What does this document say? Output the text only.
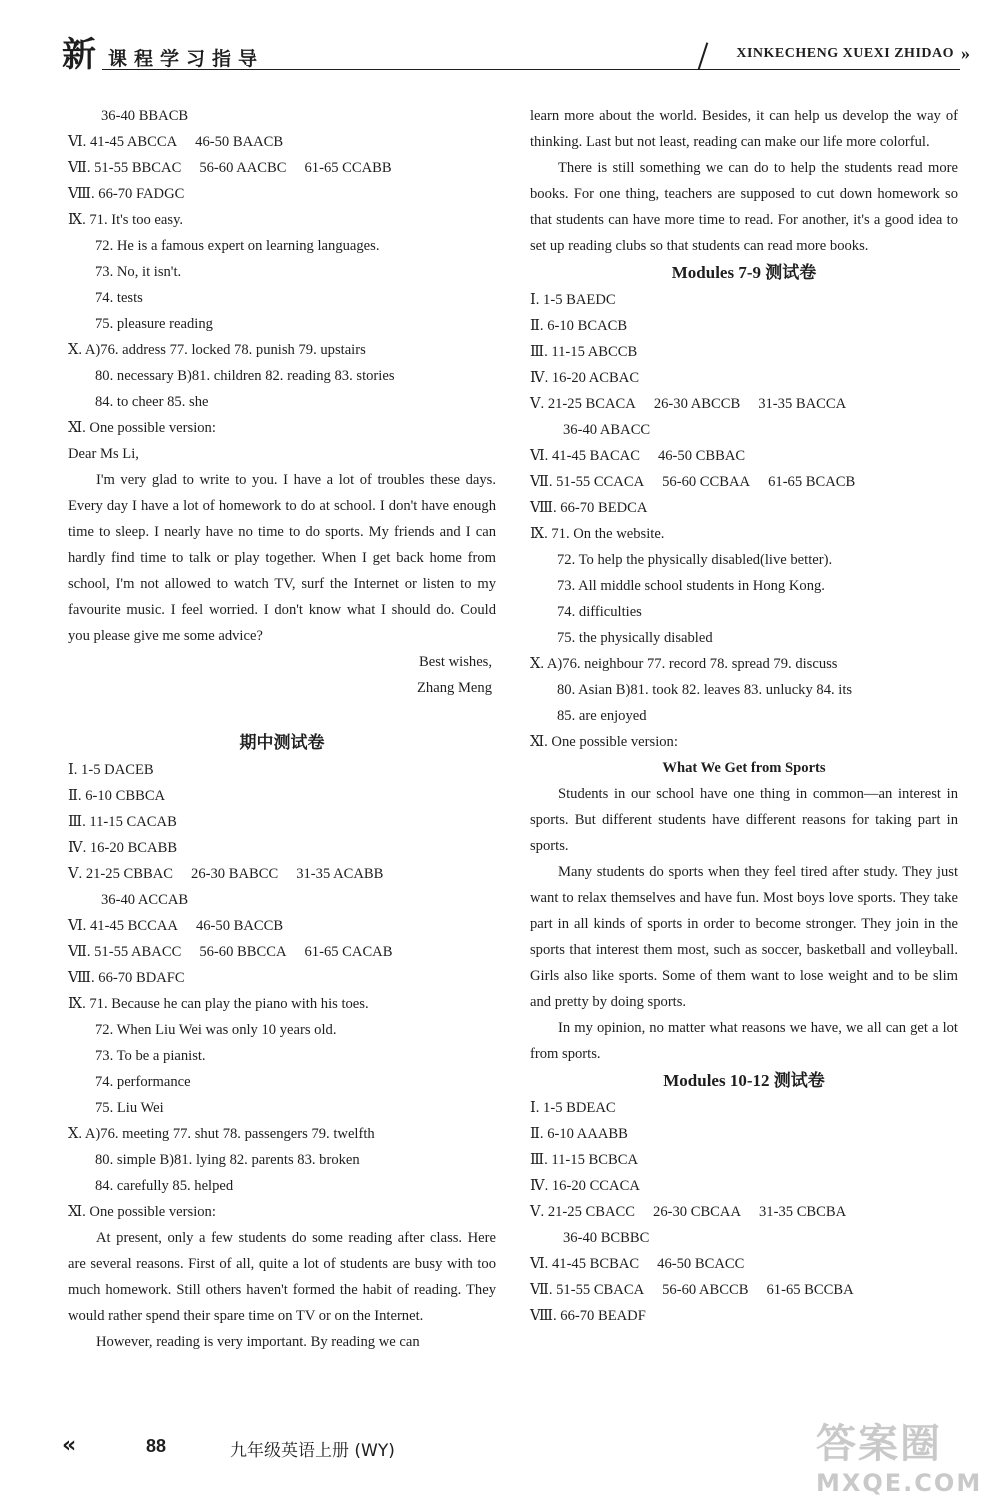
新 课程学习指导	XINKECHENG XUEXI ZHIDAO »
36-40 BBACB
Ⅵ. 41-45 ABCCA 46-50 BAACB
Ⅶ. 51-55 BBCAC 56-60 AACBC 61-65 CCABB
Ⅷ. 66-70 FADGC
Ⅸ. 71. It's too easy.
72. He is a famous expert on learning languages.
73. No, it isn't.
74. tests
75. pleasure reading
Ⅹ. A)76. address 77. locked 78. punish 79. upstairs
80. necessary B)81. children 82. reading 83. stories
84. to cheer 85. she
Ⅺ. One possible version:
Dear Ms Li,
I'm very glad to write to you. I have a lot of troubles these days. Every day I have a lot of homework to do at school. I don't have enough time to sleep. I nearly have no time to do sports. My friends and I can hardly find time to talk or play together. When I get back home from school, I'm not allowed to watch TV, surf the Internet or listen to my favourite music. I feel worried. I don't know what I should do. Could you please give me some advice?
Best wishes,
Zhang Meng
期中测试卷
Ⅰ. 1-5 DACEB
Ⅱ. 6-10 CBBCA
Ⅲ. 11-15 CACAB
Ⅳ. 16-20 BCABB
Ⅴ. 21-25 CBBAC 26-30 BABCC 31-35 ACABB
36-40 ACCAB
Ⅵ. 41-45 BCCAA 46-50 BACCB
Ⅶ. 51-55 ABACC 56-60 BBCCA 61-65 CACAB
Ⅷ. 66-70 BDAFC
Ⅸ. 71. Because he can play the piano with his toes.
72. When Liu Wei was only 10 years old.
73. To be a pianist.
74. performance
75. Liu Wei
Ⅹ. A)76. meeting 77. shut 78. passengers 79. twelfth
80. simple B)81. lying 82. parents 83. broken
84. carefully 85. helped
Ⅺ. One possible version:
At present, only a few students do some reading after class. Here are several reasons. First of all, quite a lot of students are busy with too much homework. Still others haven't formed the habit of reading. They would rather spend their spare time on TV or on the Internet.
However, reading is very important. By reading we can
learn more about the world. Besides, it can help us develop the way of thinking. Last but not least, reading can make our life more colorful.
There is still something we can do to help the students read more books. For one thing, teachers are supposed to cut down homework so that students can have more time to read. For another, it's a good idea to set up reading clubs so that students can read more books.
Modules 7-9 测试卷
Ⅰ. 1-5 BAEDC
Ⅱ. 6-10 BCACB
Ⅲ. 11-15 ABCCB
Ⅳ. 16-20 ACBAC
Ⅴ. 21-25 BCACA 26-30 ABCCB 31-35 BACCA
36-40 ABACC
Ⅵ. 41-45 BACAC 46-50 CBBAC
Ⅶ. 51-55 CCACA 56-60 CCBAA 61-65 BCACB
Ⅷ. 66-70 BEDCA
Ⅸ. 71. On the website.
72. To help the physically disabled(live better).
73. All middle school students in Hong Kong.
74. difficulties
75. the physically disabled
Ⅹ. A)76. neighbour 77. record 78. spread 79. discuss
80. Asian B)81. took 82. leaves 83. unlucky 84. its
85. are enjoyed
Ⅺ. One possible version:
What We Get from Sports
Students in our school have one thing in common—an interest in sports. But different students have different reasons for taking part in sports.
Many students do sports when they feel tired after study. They just want to relax themselves and have fun. Most boys love sports. They take part in all kinds of sports in order to become stronger. They join in the sports that interest them most, such as soccer, basketball and volleyball. Girls also like sports. Some of them want to lose weight and to be slim and pretty by doing sports.
In my opinion, no matter what reasons we have, we all can get a lot from sports.
Modules 10-12 测试卷
Ⅰ. 1-5 BDEAC
Ⅱ. 6-10 AAABB
Ⅲ. 11-15 BCBCA
Ⅳ. 16-20 CCACA
Ⅴ. 21-25 CBACC 26-30 CBCAA 31-35 CBCBA
36-40 BCBBC
Ⅵ. 41-45 BCBAC 46-50 BCACC
Ⅶ. 51-55 CBACA 56-60 ABCCB 61-65 BCCBA
Ⅷ. 66-70 BEADF
«	88	九年级英语上册 (WY)	答案圈
MXQE.COM
